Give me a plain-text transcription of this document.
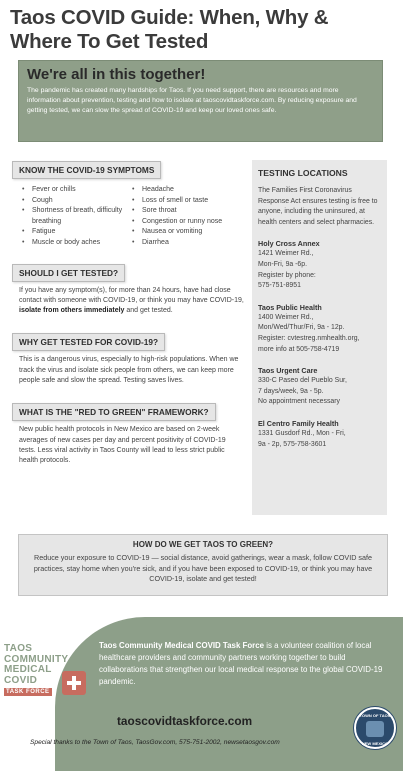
Taos COVID Guide: When, Why & Where To Get Tested
We're all in this together!

The pandemic has created many hardships for Taos. If you need support, there are resources and more information about prevention, testing and how to isolate at taoscovidtaskforce.com. By reducing exposure and getting tested, we can slow the spread of COVID-19 and keep our loved ones safe.

KNOW THE COVID-19 SYMPTOMS
• Fever or chills
• Cough
• Shortness of breath, difficulty breathing
• Fatigue
• Muscle or body aches
• Headache
• Loss of smell or taste
• Sore throat
• Congestion or runny nose
• Nausea or vomiting
• Diarrhea
SHOULD I GET TESTED?

If you have any symptom(s), for more than 24 hours, have had close contact with someone with COVID-19, or think you may have COVID-19, isolate from others immediately and get tested.

WHY GET TESTED FOR COVID-19?

This is a dangerous virus, especially to high-risk populations. When we track the virus and isolate sick people from others, we can keep more people safe and slow the spread. Testing saves lives.

WHAT IS THE "RED TO GREEN" FRAMEWORK?

New public health protocols in New Mexico are based on 2-week averages of new cases per day and percent positivity of COVID-19 tests. Less viral activity in Taos County will lead to less strict public health protocols.

TESTING LOCATIONS

The Families First Coronavirus Response Act ensures testing is free to anyone, including the uninsured, at health centers and select pharmacies.

Holy Cross Annex
1421 Weimer Rd.,
Mon-Fri, 9a -6p.
Register by phone:
575-751-8951
Taos Public Health
1400 Weimer Rd.,
Mon/Wed/Thur/Fri, 9a - 12p.
Register: cvtestreg.nmhealth.org,
more info at 505-758-4719
Taos Urgent Care
330-C Paseo del Pueblo Sur,
7 days/week, 9a - 5p.
No appointment necessary
El Centro Family Health
1331 Gusdorf Rd., Mon - Fri,
9a - 2p, 575-758-3601
HOW DO WE GET TAOS TO GREEN?

Reduce your exposure to COVID-19 — social distance, avoid gatherings, wear a mask, follow COVID safe practices, stay home when you're sick, and if you have been exposed to COVID-19, or think you may have COVID-19, isolate and get tested!

Taos Community Medical COVID Task Force is a volunteer coalition of local healthcare providers and community partners working together to build collaborations that strengthen our local medical response to the global COVID-19 pandemic.

taoscovidtaskforce.com

Special thanks to the Town of Taos, TaosGov.com, 575-751-2002, newsetaosgov.com

TAOS
COMMUNITY
MEDICAL
COVID
TASK FORCE
TOWN OF TAOS
NEW MEXICO
